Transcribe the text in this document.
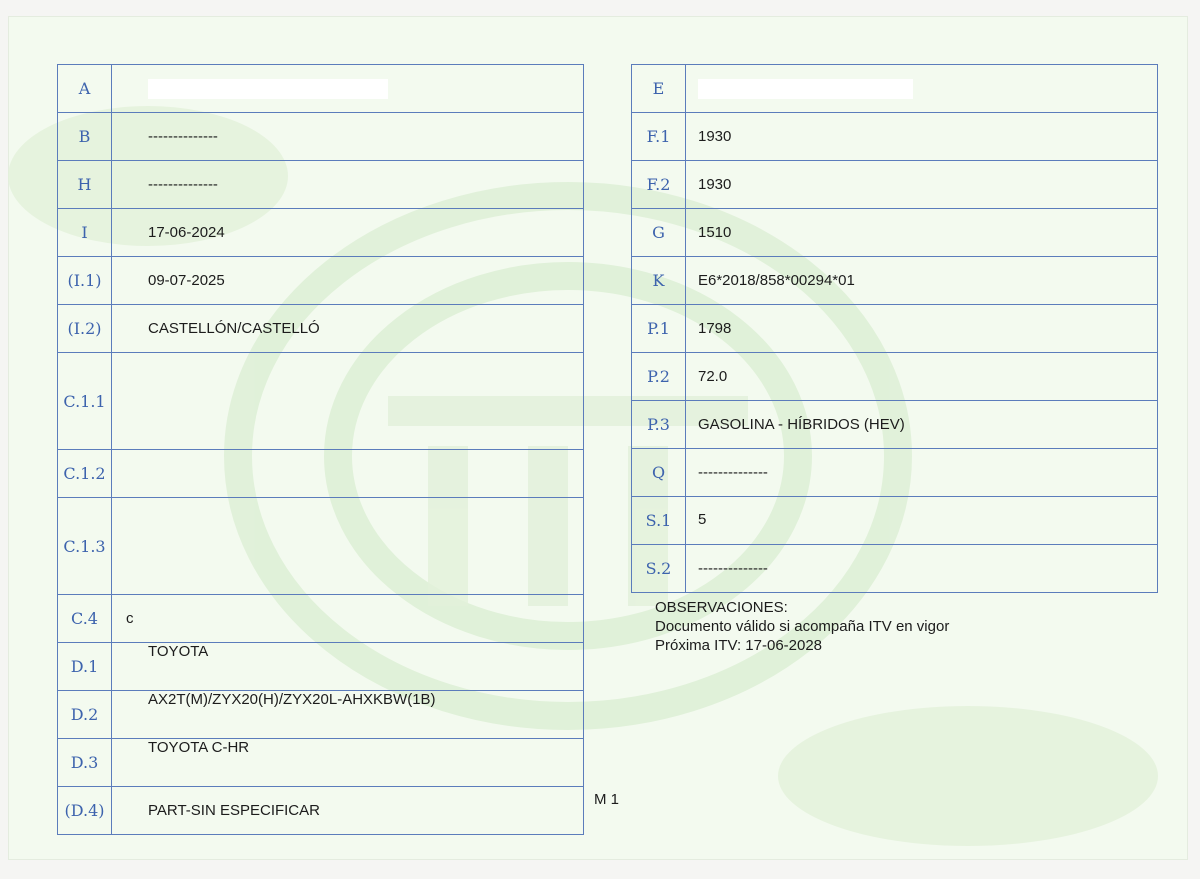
A	
B	--------------
H	--------------
I	17-06-2024
(I.1)	09-07-2025
(I.2)	CASTELLÓN/CASTELLÓ
C.1.1	
C.1.2	
C.1.3	
C.4	c
D.1	TOYOTA
D.2	AX2T(M)/ZYX20(H)/ZYX20L-AHXKBW(1B)
D.3	TOYOTA C-HR
(D.4)	PART-SIN ESPECIFICAR
E	
F.1	1930
F.2	1930
G	1510
K	E6*2018/858*00294*01
P.1	1798
P.2	72.0
P.3	GASOLINA - HÍBRIDOS (HEV)
Q	--------------
S.1	5
S.2	--------------
OBSERVACIONES:
Documento válido si acompaña ITV en vigor
Próxima ITV: 17-06-2028
M 1
